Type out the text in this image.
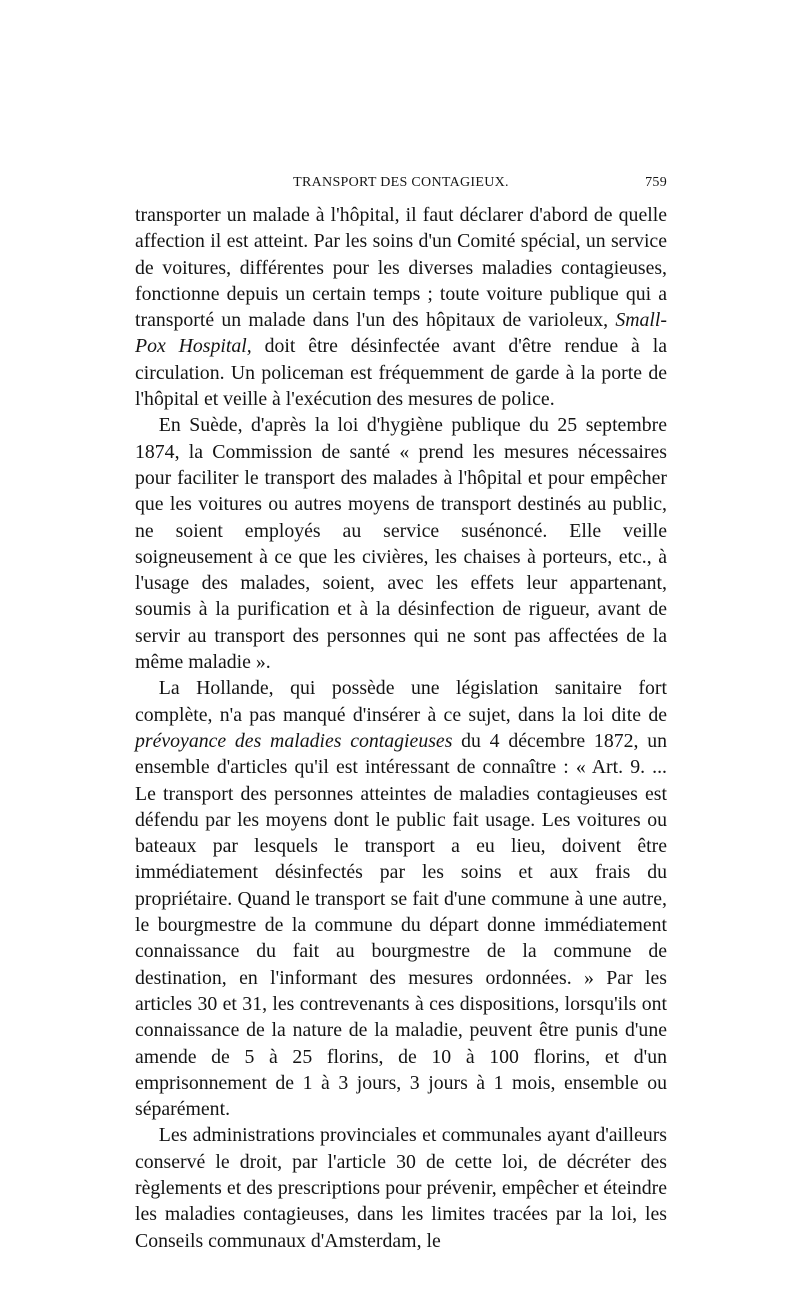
TRANSPORT DES CONTAGIEUX.	759

transporter un malade à l'hôpital, il faut déclarer d'abord de quelle affection il est atteint. Par les soins d'un Comité spécial, un service de voitures, différentes pour les diverses maladies contagieuses, fonctionne depuis un certain temps ; toute voiture publique qui a transporté un malade dans l'un des hôpitaux de varioleux, Small-Pox Hospital, doit être désinfectée avant d'être rendue à la circulation. Un policeman est fréquemment de garde à la porte de l'hôpital et veille à l'exécution des mesures de police.

En Suède, d'après la loi d'hygiène publique du 25 septembre 1874, la Commission de santé « prend les mesures nécessaires pour faciliter le transport des malades à l'hôpital et pour empêcher que les voitures ou autres moyens de transport destinés au public, ne soient employés au service susénoncé. Elle veille soigneusement à ce que les civières, les chaises à porteurs, etc., à l'usage des malades, soient, avec les effets leur appartenant, soumis à la purification et à la désinfection de rigueur, avant de servir au transport des personnes qui ne sont pas affectées de la même maladie ».

La Hollande, qui possède une législation sanitaire fort complète, n'a pas manqué d'insérer à ce sujet, dans la loi dite de prévoyance des maladies contagieuses du 4 décembre 1872, un ensemble d'articles qu'il est intéressant de connaître : « Art. 9. ... Le transport des personnes atteintes de maladies contagieuses est défendu par les moyens dont le public fait usage. Les voitures ou bateaux par lesquels le transport a eu lieu, doivent être immédiatement désinfectés par les soins et aux frais du propriétaire. Quand le transport se fait d'une commune à une autre, le bourgmestre de la commune du départ donne immédiatement connaissance du fait au bourgmestre de la commune de destination, en l'informant des mesures ordonnées. » Par les articles 30 et 31, les contrevenants à ces dispositions, lorsqu'ils ont connaissance de la nature de la maladie, peuvent être punis d'une amende de 5 à 25 florins, de 10 à 100 florins, et d'un emprisonnement de 1 à 3 jours, 3 jours à 1 mois, ensemble ou séparément.

Les administrations provinciales et communales ayant d'ailleurs conservé le droit, par l'article 30 de cette loi, de décréter des règlements et des prescriptions pour prévenir, empêcher et éteindre les maladies contagieuses, dans les limites tracées par la loi, les Conseils communaux d'Amsterdam, le
